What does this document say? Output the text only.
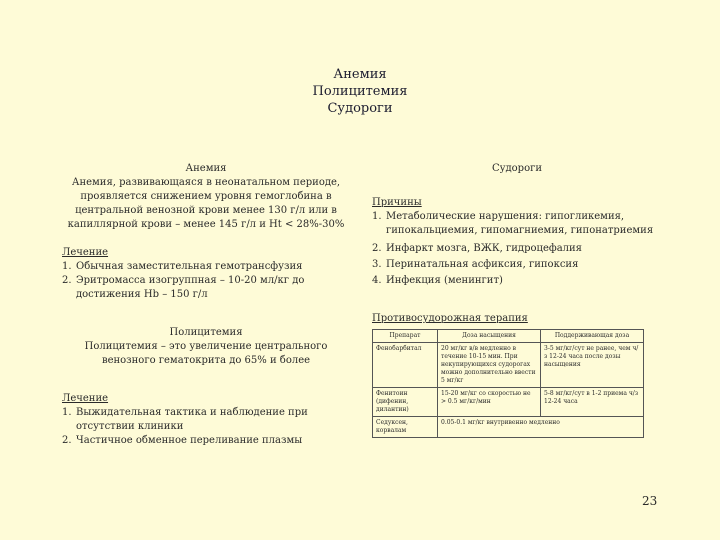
Анемия
Полицитемия
Судороги
Анемия
Анемия, развивающаяся в неонатальном периоде, проявляется снижением уровня гемоглобина в центральной венозной крови менее 130 г/л или в капиллярной крови – менее 145 г/л и Ht < 28%-30%
Лечение
1. Обычная заместительная гемотрансфузия
2. Эритромасса изогруппная – 10-20 мл/кг до достижения Hb – 150 г/л
Полицитемия
Полицитемия – это увеличение центрального венозного гематокрита до 65% и более
Лечение
1. Выжидательная тактика и наблюдение при отсутствии клиники
2. Частичное обменное переливание плазмы
Судороги
Причины
1. Метаболические нарушения: гипогликемия, гипокальциемия, гипомагниемия, гипонатриемия
2. Инфаркт мозга, ВЖК, гидроцефалия
3. Перинатальная асфиксия, гипоксия
4. Инфекция (менингит)
Противосудорожная терапия
Препарат	Доза насыщения	Поддерживающая доза
Фенобарбитал	20 мг/кг в/в медленно в течение 10-15 мин. При некупирующихся судорогах можно дополнительно ввести 5 мг/кг	3-5 мг/кг/сут не ранее, чем ч/з 12-24 часа после дозы насыщения
Фенитоин (дифенин, дилантин)	15-20 мг/кг со скоростью не > 0.5 мг/кг/мин	5-8 мг/кг/сут в 1-2 приема ч/з 12-24 часа
Седуксен, корвалам	0.05-0.1 мг/кг внутривенно медленно	
23
